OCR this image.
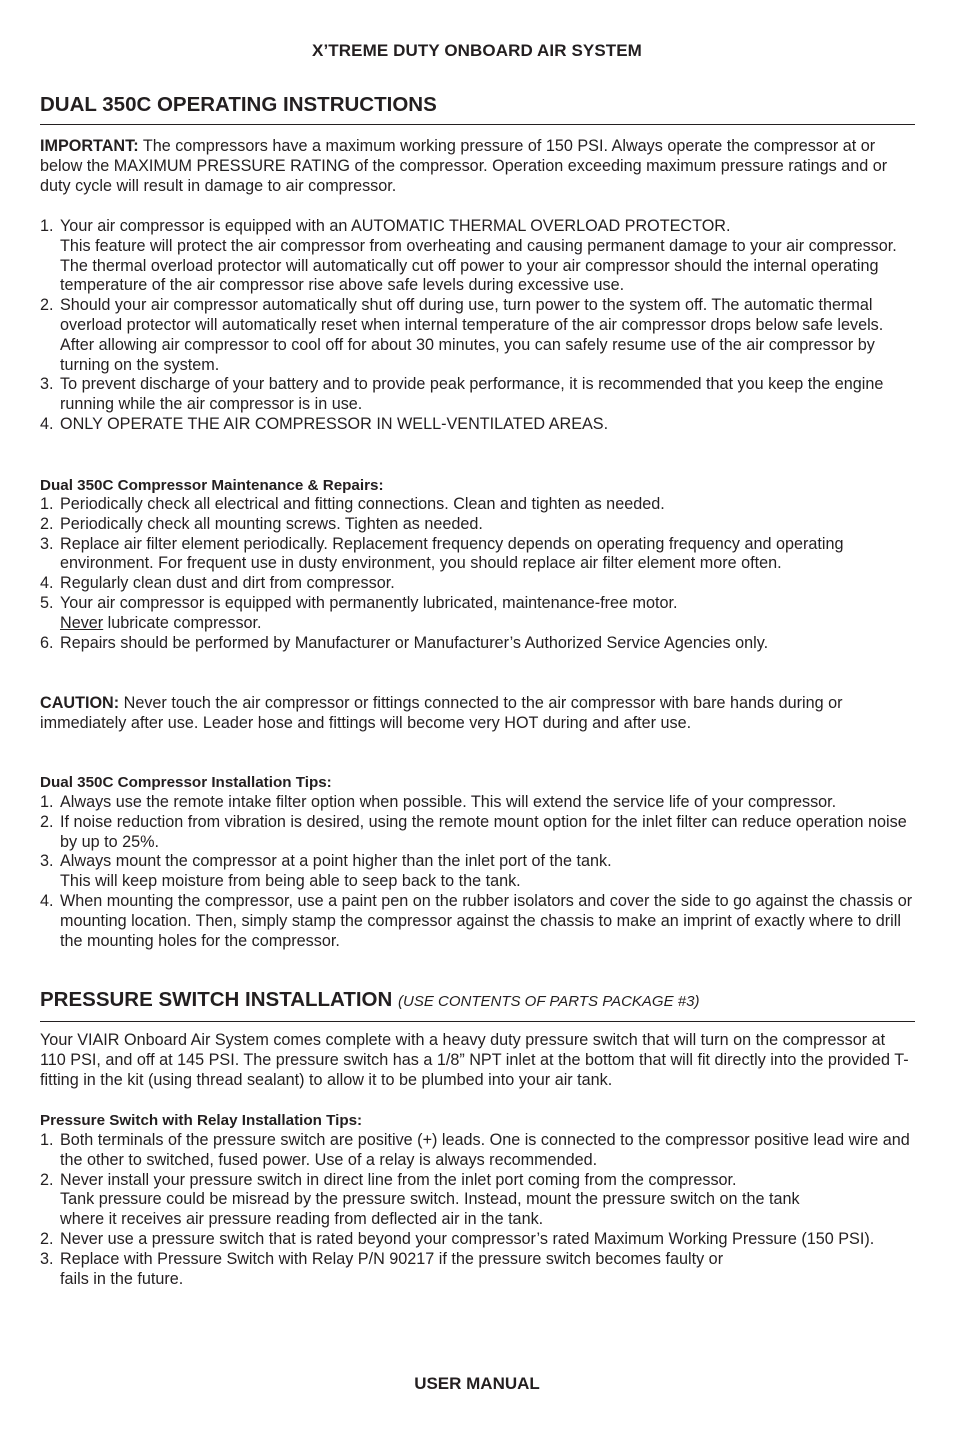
X’TREME DUTY ONBOARD AIR SYSTEM
DUAL 350C OPERATING INSTRUCTIONS

IMPORTANT: The compressors have a maximum working pressure of 150 PSI. Always operate the compressor at or below the MAXIMUM PRESSURE RATING of the compressor. Operation exceeding maximum pressure ratings and or duty cycle will result in damage to air compressor.

1. Your air compressor is equipped with an AUTOMATIC THERMAL OVERLOAD PROTECTOR.
This feature will protect the air compressor from overheating and causing permanent damage to your air compressor. The thermal overload protector will automatically cut off power to your air compressor should the internal operating temperature of the air compressor rise above safe levels during excessive use.
2. Should your air compressor automatically shut off during use, turn power to the system off. The automatic thermal overload protector will automatically reset when internal temperature of the air compressor drops below safe levels. After allowing air compressor to cool off for about 30 minutes, you can safely resume use of the air compressor by turning on the system.
3. To prevent discharge of your battery and to provide peak performance, it is recommended that you keep the engine running while the air compressor is in use.
4. ONLY OPERATE THE AIR COMPRESSOR IN WELL-VENTILATED AREAS.

Dual 350C Compressor Maintenance & Repairs:

1. Periodically check all electrical and fitting connections. Clean and tighten as needed.
2. Periodically check all mounting screws. Tighten as needed.
3. Replace air filter element periodically. Replacement frequency depends on operating frequency and operating environment. For frequent use in dusty environment, you should replace air filter element more often.
4. Regularly clean dust and dirt from compressor.
5. Your air compressor is equipped with permanently lubricated, maintenance-free motor.
Never lubricate compressor.
6. Repairs should be performed by Manufacturer or Manufacturer’s Authorized Service Agencies only.

CAUTION: Never touch the air compressor or fittings connected to the air compressor with bare hands during or immediately after use. Leader hose and fittings will become very HOT during and after use.

Dual 350C Compressor Installation Tips:

1. Always use the remote intake filter option when possible. This will extend the service life of your compressor.
2. If noise reduction from vibration is desired, using the remote mount option for the inlet filter can reduce operation noise by up to 25%.
3. Always mount the compressor at a point higher than the inlet port of the tank.
This will keep moisture from being able to seep back to the tank.
4. When mounting the compressor, use a paint pen on the rubber isolators and cover the side to go against the chassis or mounting location. Then, simply stamp the compressor against the chassis to make an imprint of exactly where to drill the mounting holes for the compressor.
PRESSURE SWITCH INSTALLATION (USE CONTENTS OF PARTS PACKAGE #3)

Your VIAIR Onboard Air System comes complete with a heavy duty pressure switch that will turn on the compressor at 110 PSI, and off at 145 PSI. The pressure switch has a 1/8” NPT inlet at the bottom that will fit directly into the provided T-fitting in the kit (using thread sealant) to allow it to be plumbed into your air tank.

Pressure Switch with Relay Installation Tips:

1. Both terminals of the pressure switch are positive (+) leads. One is connected to the compressor positive lead wire and the other to switched, fused power. Use of a relay is always recommended.
2. Never install your pressure switch in direct line from the inlet port coming from the compressor.
Tank pressure could be misread by the pressure switch. Instead, mount the pressure switch on the tank where it receives air pressure reading from deflected air in the tank.
2. Never use a pressure switch that is rated beyond your compressor’s rated Maximum Working Pressure (150 PSI).
3. Replace with Pressure Switch with Relay P/N 90217 if the pressure switch becomes faulty or
fails in the future.
USER MANUAL
